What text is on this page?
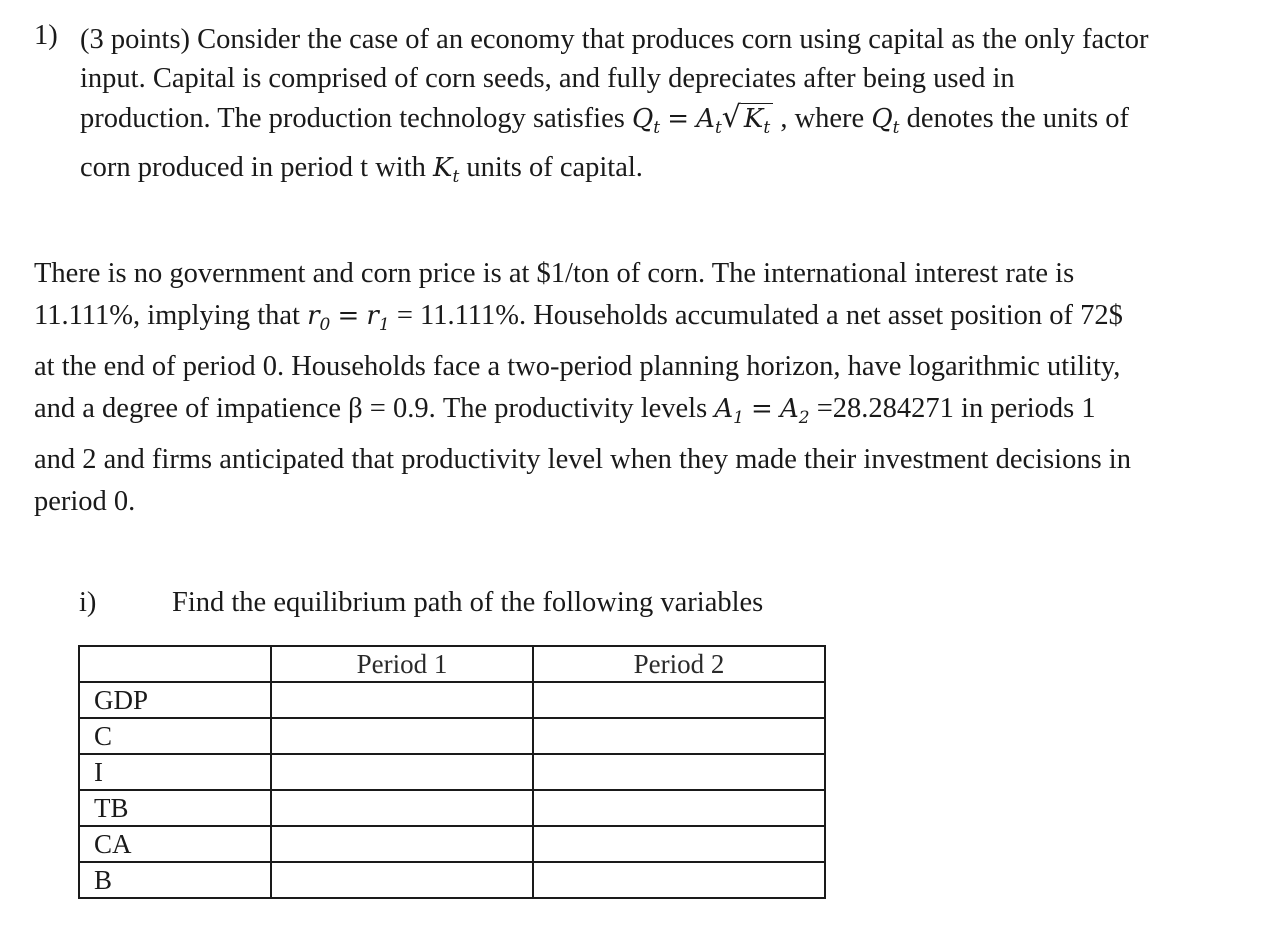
1) (3 points) Consider the case of an economy that produces corn using capital as the only factor
input. Capital is comprised of corn seeds, and fully depreciates after being used in
production. The production technology satisfies $Q_t = A_t√$ $K_t$ , where $Q_t$ denotes the units of
corn produced in period t with $K_t$ units of capital.
There is no government and corn price is at $1/ton of corn. The international interest rate is
11.111%, implying that $r_0 = r_1 = 11.111\%$. Households accumulated a net asset position of 72$
at the end of period 0. Households face a two-period planning horizon, have logarithmic utility,
and a degree of impatience β = 0.9. The productivity levels $A_1 = A_2 =28.284271$ in periods 1
and 2 and firms anticipated that productivity level when they made their investment decisions in
period 0.
i)	Find the equilibrium path of the following variables
	Period 1	Period 2
GDP		
C		
I		
TB		
CA		
B		
